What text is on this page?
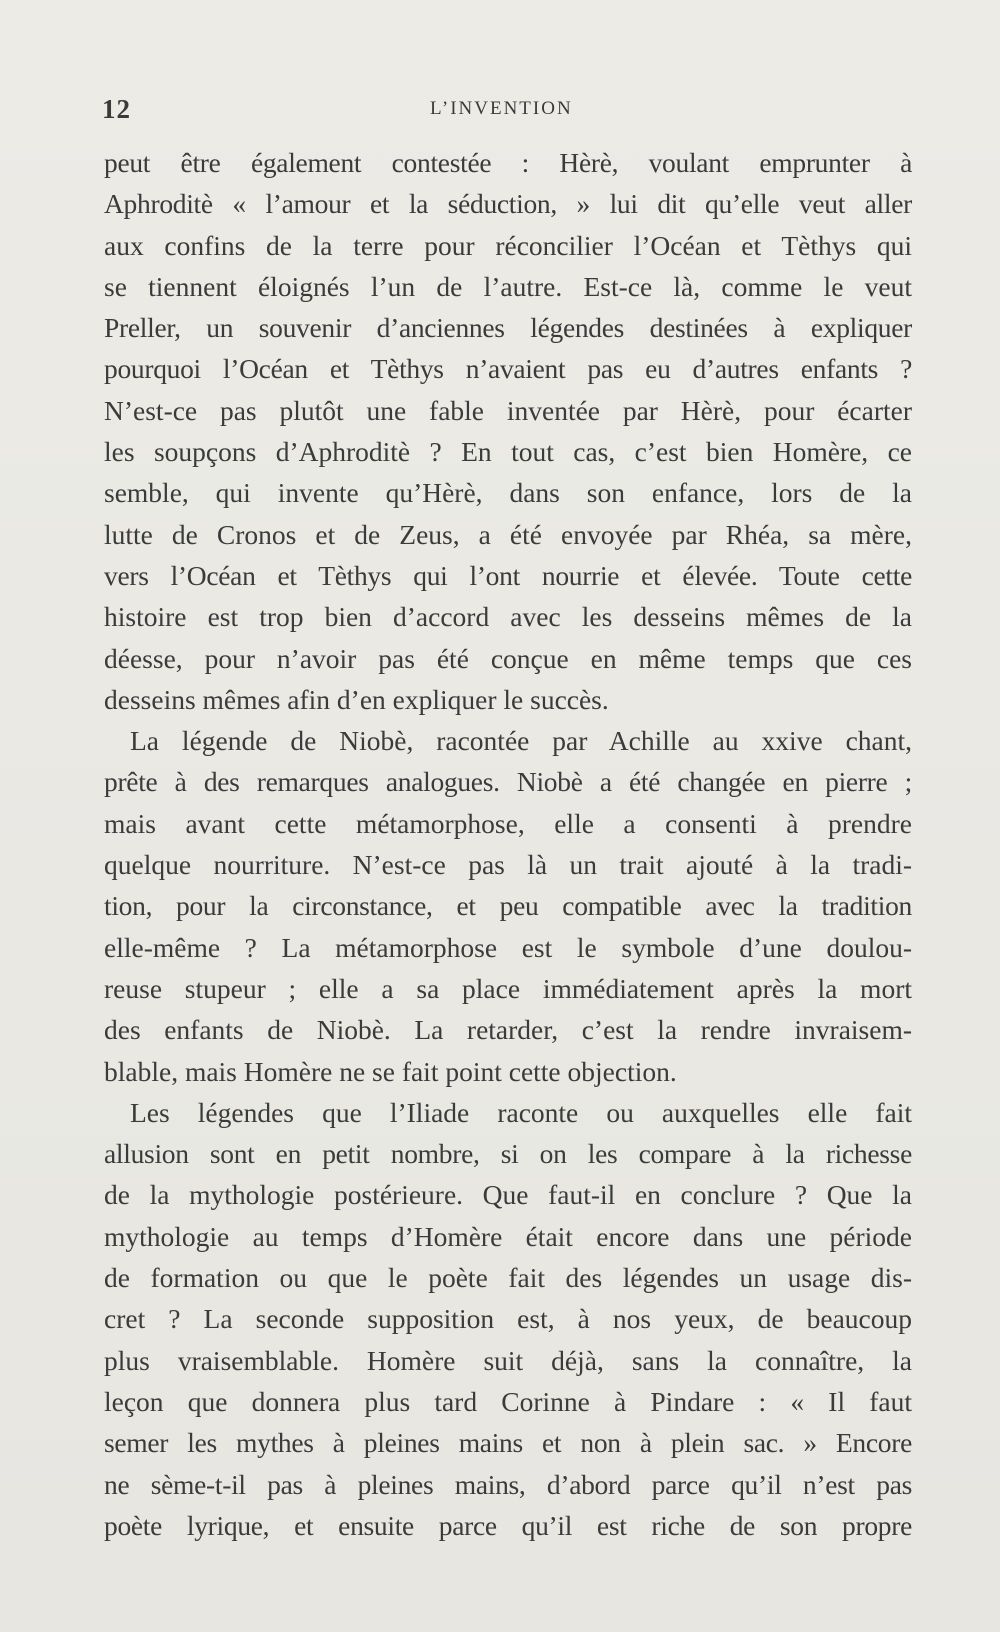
12	L’INVENTION
peut être également contestée : Hèrè, voulant emprunter à
Aphroditè « l’amour et la séduction, » lui dit qu’elle veut aller
aux confins de la terre pour réconcilier l’Océan et Tèthys qui
se tiennent éloignés l’un de l’autre. Est-ce là, comme le veut
Preller, un souvenir d’anciennes légendes destinées à expliquer
pourquoi l’Océan et Tèthys n’avaient pas eu d’autres enfants ?
N’est-ce pas plutôt une fable inventée par Hèrè, pour écarter
les soupçons d’Aphroditè ? En tout cas, c’est bien Homère, ce
semble, qui invente qu’Hèrè, dans son enfance, lors de la
lutte de Cronos et de Zeus, a été envoyée par Rhéa, sa mère,
vers l’Océan et Tèthys qui l’ont nourrie et élevée. Toute cette
histoire est trop bien d’accord avec les desseins mêmes de la
déesse, pour n’avoir pas été conçue en même temps que ces
desseins mêmes afin d’en expliquer le succès.
La légende de Niobè, racontée par Achille au xxive chant,
prête à des remarques analogues. Niobè a été changée en pierre ;
mais avant cette métamorphose, elle a consenti à prendre
quelque nourriture. N’est-ce pas là un trait ajouté à la tradi-
tion, pour la circonstance, et peu compatible avec la tradition
elle-même ? La métamorphose est le symbole d’une doulou-
reuse stupeur ; elle a sa place immédiatement après la mort
des enfants de Niobè. La retarder, c’est la rendre invraisem-
blable, mais Homère ne se fait point cette objection.
Les légendes que l’Iliade raconte ou auxquelles elle fait
allusion sont en petit nombre, si on les compare à la richesse
de la mythologie postérieure. Que faut-il en conclure ? Que la
mythologie au temps d’Homère était encore dans une période
de formation ou que le poète fait des légendes un usage dis-
cret ? La seconde supposition est, à nos yeux, de beaucoup
plus vraisemblable. Homère suit déjà, sans la connaître, la
leçon que donnera plus tard Corinne à Pindare : « Il faut
semer les mythes à pleines mains et non à plein sac. » Encore
ne sème-t-il pas à pleines mains, d’abord parce qu’il n’est pas
poète lyrique, et ensuite parce qu’il est riche de son propre
